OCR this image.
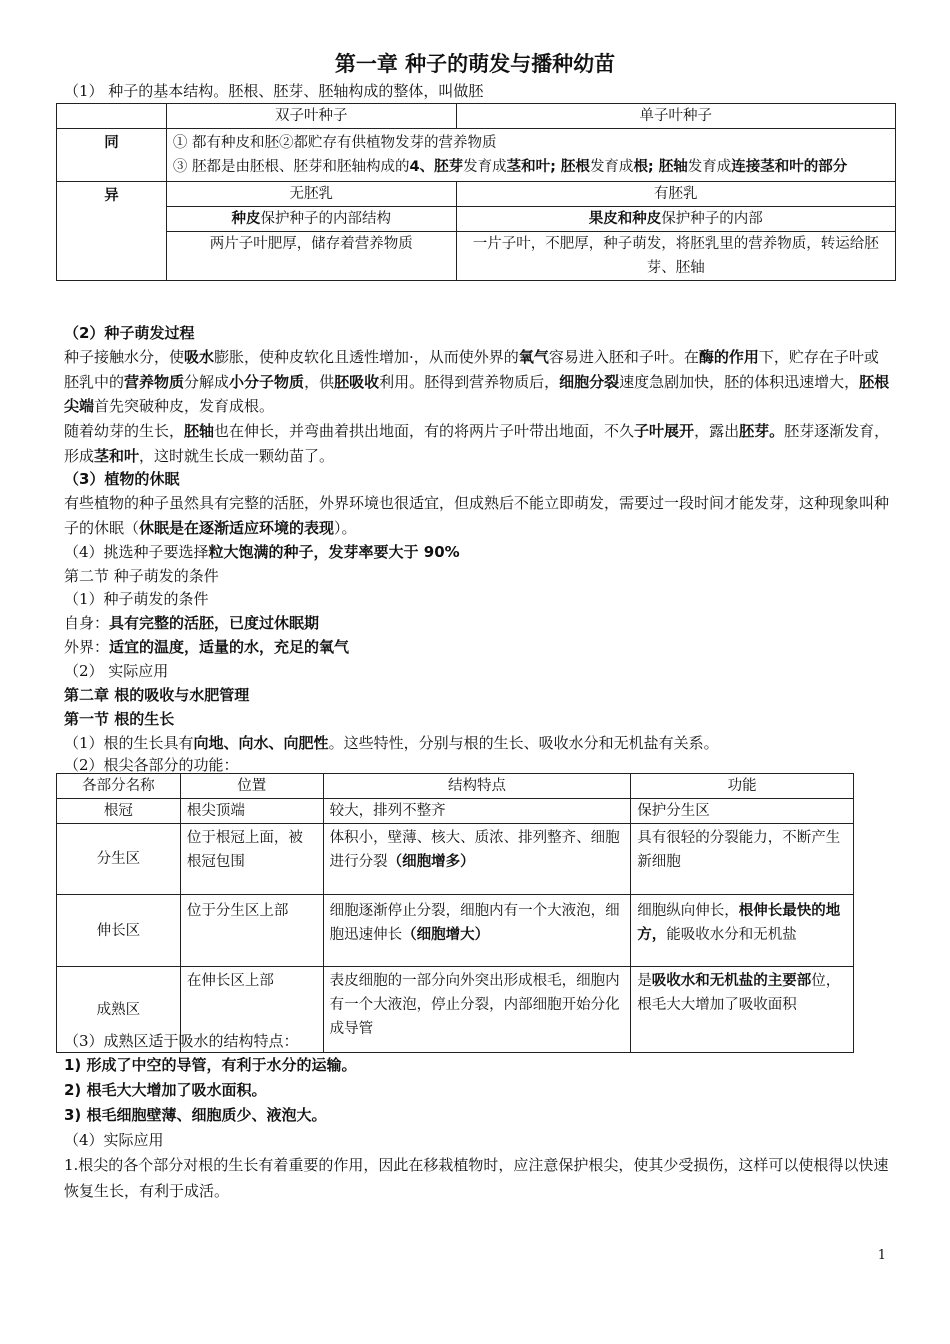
第一章 种子的萌发与播种幼苗
（1） 种子的基本结构。胚根、胚芽、胚轴构成的整体，叫做胚
	双子叶种子	单子叶种子
同	① 都有种皮和胚②都贮存有供植物发芽的营养物质
③ 胚都是由胚根、胚芽和胚轴构成的4、胚芽发育成茎和叶; 胚根发育成根; 胚轴发育成连接茎和叶的部分	

异	无胚乳	有胚乳
	种皮保护种子的内部结构	果皮和种皮保护种子的内部
	两片子叶肥厚，储存着营养物质	一片子叶，不肥厚，种子萌发，将胚乳里的营养物质，转运给胚芽、胚轴
（2）种子萌发过程
种子接触水分，使吸水膨胀，使种皮软化且透性增加·，从而使外界的氧气容易进入胚和子叶。在酶的作用下，贮存在子叶或胚乳中的营养物质分解成小分子物质，供胚吸收利用。胚得到营养物质后，细胞分裂速度急剧加快，胚的体积迅速增大，胚根尖端首先突破种皮，发育成根。
随着幼芽的生长，胚轴也在伸长，并弯曲着拱出地面，有的将两片子叶带出地面，不久子叶展开，露出胚芽。胚芽逐渐发育，形成茎和叶，这时就生长成一颗幼苗了。
（3）植物的休眠
有些植物的种子虽然具有完整的活胚，外界环境也很适宜，但成熟后不能立即萌发，需要过一段时间才能发芽，这种现象叫种子的休眠（休眠是在逐渐适应环境的表现）。
（4）挑选种子要选择粒大饱满的种子，发芽率要大于 90%
第二节 种子萌发的条件
（1）种子萌发的条件
自身：具有完整的活胚，已度过休眠期
外界：适宜的温度，适量的水，充足的氧气
（2） 实际应用
第二章 根的吸收与水肥管理
第一节 根的生长
（1）根的生长具有向地、向水、向肥性。这些特性，分别与根的生长、吸收水分和无机盐有关系。
（2）根尖各部分的功能：
各部分名称	位置	结构特点	功能
根冠	根尖顶端	较大，排列不整齐	保护分生区
分生区	位于根冠上面，被根冠包围	体积小，壁薄、核大、质浓、排列整齐、细胞进行分裂（细胞增多）	具有很轻的分裂能力，不断产生新细胞
伸长区	位于分生区上部	细胞逐渐停止分裂，细胞内有一个大液泡，细胞迅速伸长（细胞增大）	细胞纵向伸长，根伸长最快的地方，能吸收水分和无机盐
成熟区	在伸长区上部	表皮细胞的一部分向外突出形成根毛，细胞内有一个大液泡，停止分裂，内部细胞开始分化成导管	是吸收水和无机盐的主要部位，根毛大大增加了吸收面积
（3）成熟区适于吸水的结构特点：
1) 形成了中空的导管，有利于水分的运输。
2) 根毛大大增加了吸水面积。
3) 根毛细胞壁薄、细胞质少、液泡大。
（4）实际应用
1.根尖的各个部分对根的生长有着重要的作用，因此在移栽植物时，应注意保护根尖，使其少受损伤，这样可以使根得以快速恢复生长，有利于成活。
1
